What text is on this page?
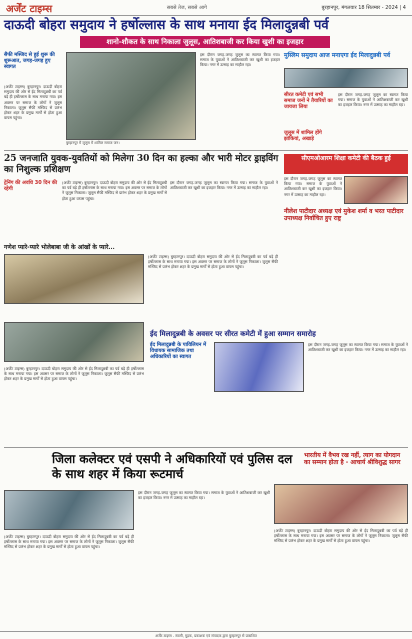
अर्जेंट टाइम्स	सबसे तेज, सबसे आगे	बुरहानपुर, मंगलवार 18 सितम्बर - 2024 | 4
दाऊदी बोहरा समुदाय ने हर्षोल्लास के साथ मनाया ईद मिलादुन्नबी पर्व
शानो-शौकत के साथ निकाला जुलूस, आतिशबाजी कर किया खुशी का इजहार
सैफी मस्जिद से हुई शुरू की शुरूआत, जगह-जगह हुए स्वागत
(अर्जेंट टाइम्स) बुरहानपुर। दाऊदी बोहरा समुदाय की ओर से ईद मिलादुन्नबी का पर्व बड़े ही हर्षोल्लास के साथ मनाया गया। इस अवसर पर समाज के लोगों ने जुलूस निकाला। जुलूस सैफी मस्जिद से प्रारंभ होकर शहर के प्रमुख मार्गों से होता हुआ वापस पहुंचा।
बुरहानपुर में जुलूस में शामिल समाज जन।
इस दौरान जगह-जगह जुलूस का स्वागत किया गया। समाज के युवाओं ने आतिशबाजी कर खुशी का इजहार किया। नगर में उत्साह का माहौल रहा।
मुस्लिम समुदाय आज मनाएगा ईद मिलादुन्नबी पर्व
सीरत कमेटी एवं सभी समाज जनों ने तैयारियों का जायजा लिया
इस दौरान जगह-जगह जुलूस का स्वागत किया गया। समाज के युवाओं ने आतिशबाजी कर खुशी का इजहार किया। नगर में उत्साह का माहौल रहा।
जुलूस में शामिल होंगे झांकियां, अखाड़े
25 जनजाति युवक-युवतियों को मिलेगा 30 दिन का हल्का और भारी मोटर ड्राइविंग का निशुल्क प्रशिक्षण
ट्रेनिंग की अवधि 30 दिन की रहेगी
(अर्जेंट टाइम्स) बुरहानपुर। दाऊदी बोहरा समुदाय की ओर से ईद मिलादुन्नबी का पर्व बड़े ही हर्षोल्लास के साथ मनाया गया। इस अवसर पर समाज के लोगों ने जुलूस निकाला। जुलूस सैफी मस्जिद से प्रारंभ होकर शहर के प्रमुख मार्गों से होता हुआ वापस पहुंचा।
इस दौरान जगह-जगह जुलूस का स्वागत किया गया। समाज के युवाओं ने आतिशबाजी कर खुशी का इजहार किया। नगर में उत्साह का माहौल रहा।
सीएमओआरम शिक्षा कमेटी की बैठक हुई
इस दौरान जगह-जगह जुलूस का स्वागत किया गया। समाज के युवाओं ने आतिशबाजी कर खुशी का इजहार किया। नगर में उत्साह का माहौल रहा।
नीलेश पाटीदार अध्यक्ष एवं मुकेश शर्मा व भरत पाटीदार उपाध्यक्ष निर्वाचित हुए राष्ट्र
गणेश प्यारे-प्यारे भोलेबाबा जी के आंखों के प्यारे...
(अर्जेंट टाइम्स) बुरहानपुर। दाऊदी बोहरा समुदाय की ओर से ईद मिलादुन्नबी का पर्व बड़े ही हर्षोल्लास के साथ मनाया गया। इस अवसर पर समाज के लोगों ने जुलूस निकाला। जुलूस सैफी मस्जिद से प्रारंभ होकर शहर के प्रमुख मार्गों से होता हुआ वापस पहुंचा।
ईद मिलादुन्नबी के अवसर पर सीरत कमेटी में हुआ सम्मान समारोह
ईद मिलादुन्नबी के पाविलियन में विधायक सामाजिक तथा अधिकारियों का स्वागत
इस दौरान जगह-जगह जुलूस का स्वागत किया गया। समाज के युवाओं ने आतिशबाजी कर खुशी का इजहार किया। नगर में उत्साह का माहौल रहा।
(अर्जेंट टाइम्स) बुरहानपुर। दाऊदी बोहरा समुदाय की ओर से ईद मिलादुन्नबी का पर्व बड़े ही हर्षोल्लास के साथ मनाया गया। इस अवसर पर समाज के लोगों ने जुलूस निकाला। जुलूस सैफी मस्जिद से प्रारंभ होकर शहर के प्रमुख मार्गों से होता हुआ वापस पहुंचा।
जिला कलेक्टर एवं एसपी ने अधिकारियों एवं पुलिस दल के साथ शहर में किया रूटमार्च
(अर्जेंट टाइम्स) बुरहानपुर। दाऊदी बोहरा समुदाय की ओर से ईद मिलादुन्नबी का पर्व बड़े ही हर्षोल्लास के साथ मनाया गया। इस अवसर पर समाज के लोगों ने जुलूस निकाला। जुलूस सैफी मस्जिद से प्रारंभ होकर शहर के प्रमुख मार्गों से होता हुआ वापस पहुंचा।
इस दौरान जगह-जगह जुलूस का स्वागत किया गया। समाज के युवाओं ने आतिशबाजी कर खुशी का इजहार किया। नगर में उत्साह का माहौल रहा।
भारतीय में वैभव रख नहीं, त्याग का योगदान का सम्मान होता है - आचार्य श्रीविशुद्ध सागर
(अर्जेंट टाइम्स) बुरहानपुर। दाऊदी बोहरा समुदाय की ओर से ईद मिलादुन्नबी का पर्व बड़े ही हर्षोल्लास के साथ मनाया गया। इस अवसर पर समाज के लोगों ने जुलूस निकाला। जुलूस सैफी मस्जिद से प्रारंभ होकर शहर के प्रमुख मार्गों से होता हुआ वापस पहुंचा।
अर्जेंट टाइम्स - स्वामी, मुद्रक, प्रकाशक एवं संपादक द्वारा बुरहानपुर से प्रकाशित
